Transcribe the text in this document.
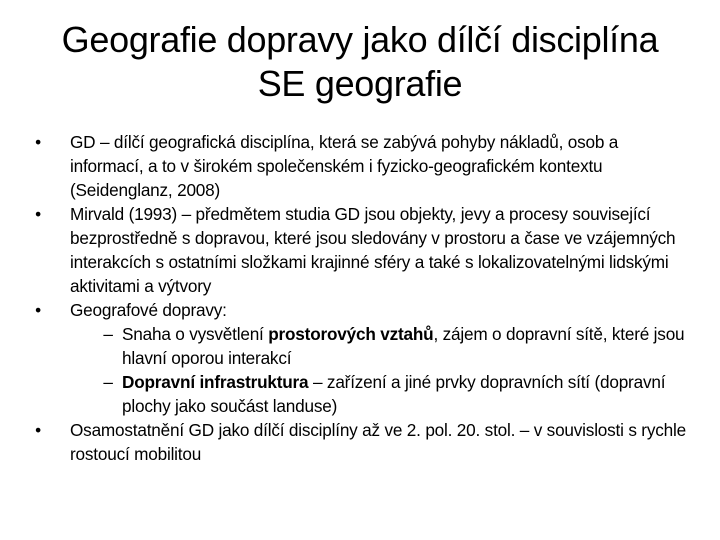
Geografie dopravy jako dílčí disciplína
SE geografie
•	GD – dílčí geografická disciplína, která se zabývá pohyby nákladů, osob a informací, a to v širokém společenském i fyzicko-geografickém kontextu (Seidenglanz, 2008)
•	Mirvald (1993) – předmětem studia GD jsou objekty, jevy a procesy související bezprostředně s dopravou, které jsou sledovány v prostoru a čase ve vzájemných interakcích s ostatními složkami krajinné sféry a také s lokalizovatelnými lidskými aktivitami a výtvory
•	Geografové dopravy:
– Snaha o vysvětlení prostorových vztahů, zájem o dopravní sítě, které jsou hlavní oporou interakcí
– Dopravní infrastruktura – zařízení a jiné prvky dopravních sítí (dopravní plochy jako součást landuse)
•	Osamostatnění GD jako dílčí disciplíny až ve 2. pol. 20. stol. – v souvislosti s rychle rostoucí mobilitou
